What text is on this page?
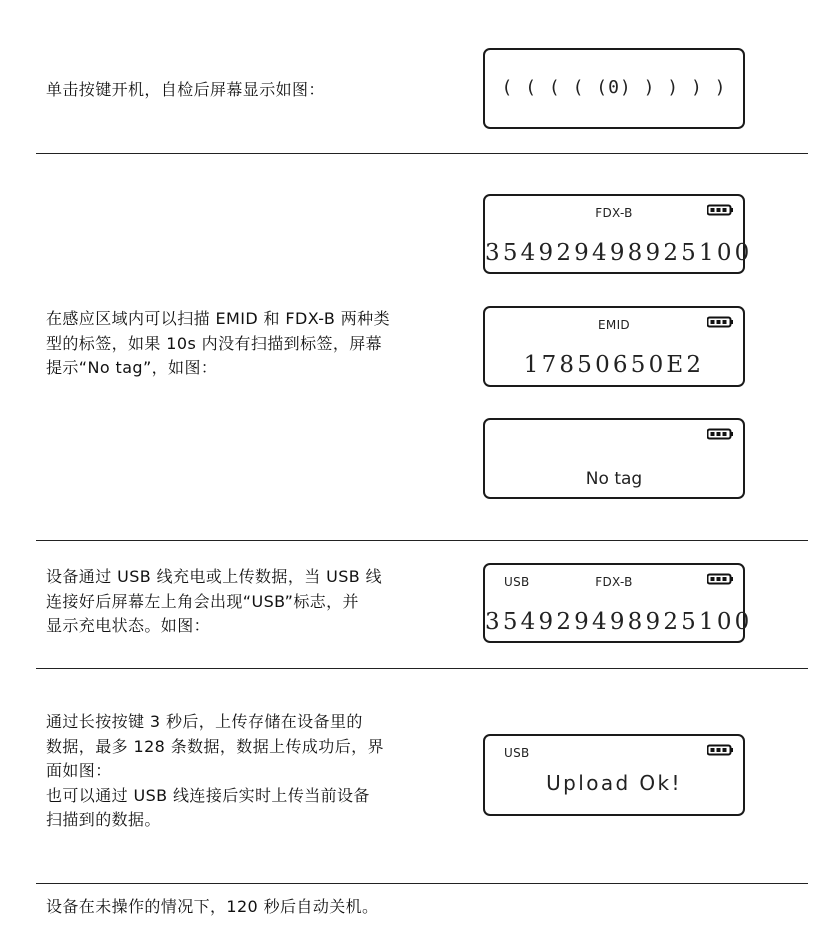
单击按键开机，自检后屏幕显示如图：	( ( ( ( (0) ) ) ) )
在感应区域内可以扫描 EMID 和 FDX-B 两种类
型的标签，如果 10s 内没有扫描到标签，屏幕
提示“No tag”，如图：
FDX-B
354929498925100
EMID
17850650E2
No tag
设备通过 USB 线充电或上传数据，当 USB 线
连接好后屏幕左上角会出现“USB”标志，并
显示充电状态。如图：
USB	FDX-B
354929498925100
通过长按按键 3 秒后，上传存储在设备里的
数据，最多 128 条数据，数据上传成功后，界
面如图：
也可以通过 USB 线连接后实时上传当前设备
扫描到的数据。
USB
Upload Ok!
设备在未操作的情况下，120 秒后自动关机。
